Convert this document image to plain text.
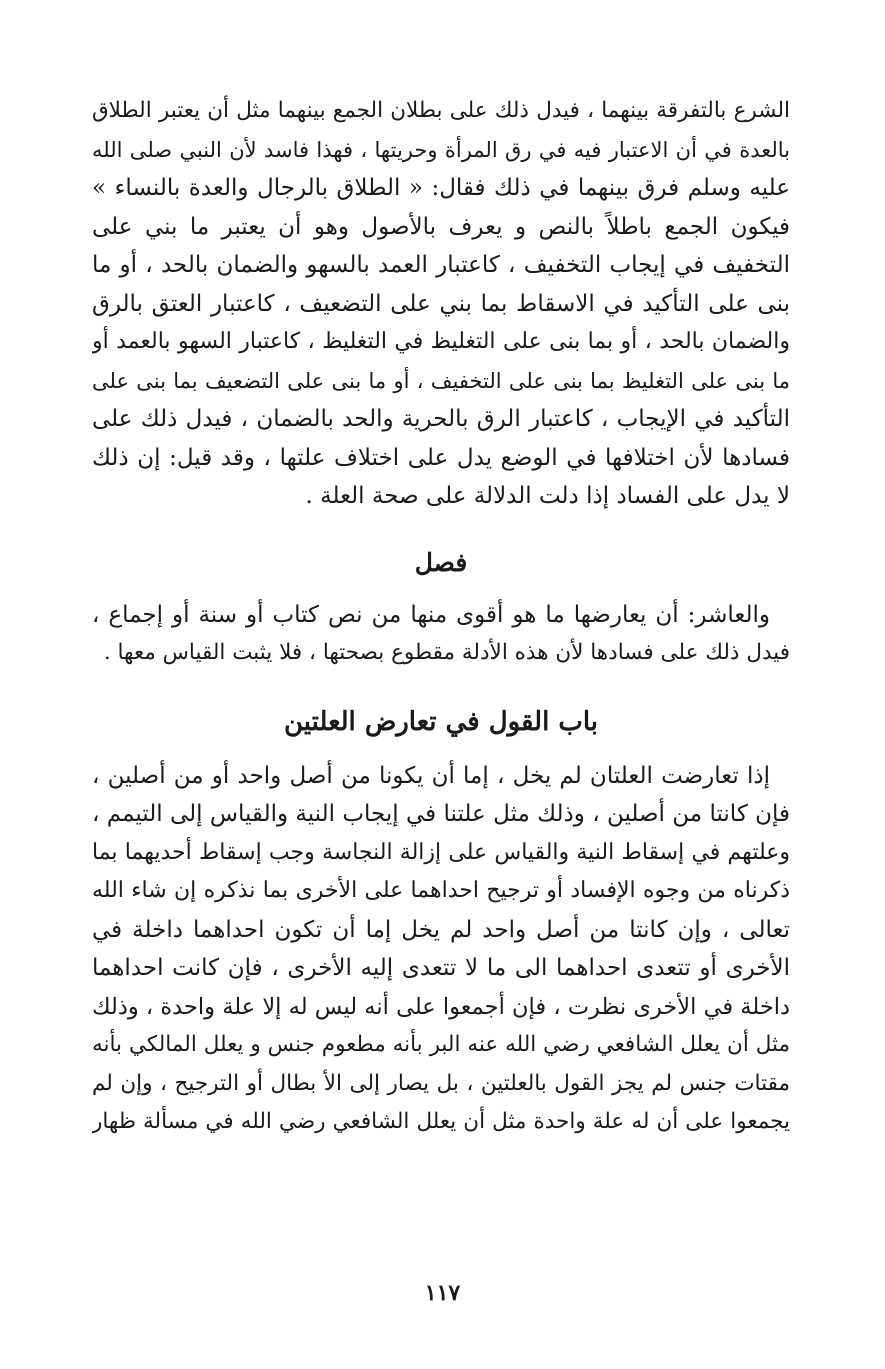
الشرع بالتفرقة بينهما ، فيدل ذلك على بطلان الجمع بينهما مثل أن يعتبر الطلاق
بالعدة في أن الاعتبار فيه في رق المرأة وحريتها ، فهذا فاسد لأن النبي صلى الله
عليه وسلم فرق بينهما في ذلك فقال: « الطلاق بالرجال والعدة بالنساء »
فيكون الجمع باطلاً بالنص و يعرف بالأصول وهو أن يعتبر ما بني على
التخفيف في إيجاب التخفيف ، كاعتبار العمد بالسهو والضمان بالحد ، أو ما
بنى على التأكيد في الاسقاط بما بني على التضعيف ، كاعتبار العتق بالرق
والضمان بالحد ، أو بما بنى على التغليظ في التغليظ ، كاعتبار السهو بالعمد أو
ما بنى على التغليظ بما بنى على التخفيف ، أو ما بنى على التضعيف بما بنى على
التأكيد في الإيجاب ، كاعتبار الرق بالحرية والحد بالضمان ، فيدل ذلك على
فسادها لأن اختلافها في الوضع يدل على اختلاف علتها ، وقد قيل: إن ذلك
لا يدل على الفساد إذا دلت الدلالة على صحة العلة .
فصل
والعاشر: أن يعارضها ما هو أقوى منها من نص كتاب أو سنة أو إجماع ،
فيدل ذلك على فسادها لأن هذه الأدلة مقطوع بصحتها ، فلا يثبت القياس معها .
باب القول في تعارض العلتين
إذا تعارضت العلتان لم يخل ، إما أن يكونا من أصل واحد أو من أصلين ،
فإن كانتا من أصلين ، وذلك مثل علتنا في إيجاب النية والقياس إلى التيمم ،
وعلتهم في إسقاط النية والقياس على إزالة النجاسة وجب إسقاط أحديهما بما
ذكرناه من وجوه الإفساد أو ترجيح احداهما على الأخرى بما نذكره إن شاء الله
تعالى ، وإن كانتا من أصل واحد لم يخل إما أن تكون احداهما داخلة في
الأخرى أو تتعدى احداهما الى ما لا تتعدى إليه الأخرى ، فإن كانت احداهما
داخلة في الأخرى نظرت ، فإن أجمعوا على أنه ليس له إلا علة واحدة ، وذلك
مثل أن يعلل الشافعي رضي الله عنه البر بأنه مطعوم جنس و يعلل المالكي بأنه
مقتات جنس لم يجز القول بالعلتين ، بل يصار إلى الأ بطال أو الترجيح ، وإن لم
يجمعوا على أن له علة واحدة مثل أن يعلل الشافعي رضي الله في مسألة ظهار
١١٧
